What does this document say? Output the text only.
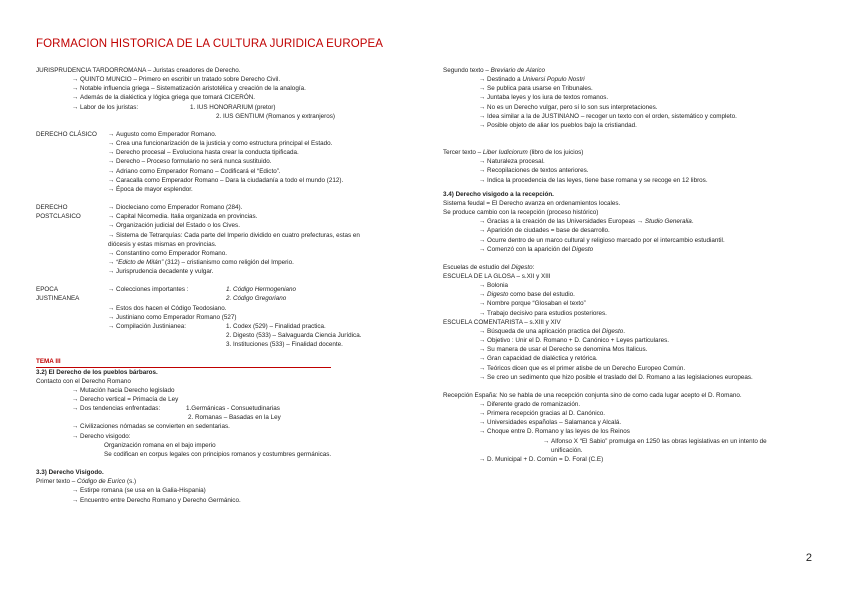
FORMACION HISTORICA DE LA CULTURA JURIDICA EUROPEA
JURISPRUDENCIA TARDORROMANA – Juristas creadores de Derecho.
→ QUINTO MUNCIO – Primero en escribir un tratado sobre Derecho Civil.
→ Notable influencia griega – Sistematización aristotélica y creación de la analogía.
→ Además de la dialéctica y lógica griega que tomará CICERÓN.
→ Labor de los juristas:	1. IUS HONORARIUM (pretor)
2. IUS GENTIUM (Romanos y extranjeros)
DERECHO CLÁSICO
→	Augusto como Emperador Romano.
→ Crea una funcionarización de la justicia y como estructura principal el Estado.
→ Derecho procesal – Evoluciona hasta crear la conducta tipificada.
→ Derecho – Proceso formulario no será nunca sustituido.
→ Adriano como Emperador Romano – Codificará el “Edicto”.
→ Caracalla como Emperador Romano – Dara la ciudadanía a todo el mundo (212).
→ Época de mayor esplendor.
DERECHO
POSTCLASICO
→ Diocleciano como Emperador Romano (284).
→ Capital Nicomedia. Italia organizada en provincias.
→ Organización judicial del Estado o los Cives.
→ Sistema de Tetrarquías: Cada parte del Imperio dividido en cuatro prefecturas, estas en
diócesis y estas mismas en provincias.
→ Constantino como Emperador Romano.
→ “Edicto de Milán” (312) – cristianismo como religión del Imperio.
→ Jurisprudencia decadente y vulgar.
EPOCA
JUSTINEANEA
→ Colecciones importantes :	1. Código Hermogeniano
2. Código Gregoriano
→ Estos dos hacen el Código Teodosiano.
→ Justiniano como Emperador Romano (527)
→ Compilación Justinianea:	1. Codex (529) – Finalidad practica.
2. Digesto (533) – Salvaguarda Ciencia Jurídica.
3. Instituciones (533) – Finalidad docente.
TEMA III
3.2) El Derecho de los pueblos bárbaros.
Contacto con el Derecho Romano
→ Mutación hacia Derecho legislado
→ Derecho vertical = Primacía de Ley
→ Dos tendencias enfrentadas:	1.Germánicas - Consuetudinarias
2. Romanas – Basadas en la Ley
→ Civilizaciones nómadas se convierten en sedentarias.
→ Derecho visigodo:
Organización romana en el bajo imperio
Se codifican en corpus legales con principios romanos y costumbres germánicas.
3.3) Derecho Visigodo.
Primer texto – Código de Eurico (s.)
→ Estirpe romana (se usa en la Galia-Hispania)
→ Encuentro entre Derecho Romano y Derecho Germánico.
Segundo texto – Breviario de Alarico
→ Destinado a Universi Populo Nostri
→ Se publica para usarse en Tribunales.
→ Juntaba leyes y los iura de textos romanos.
→ No es un Derecho vulgar, pero sí lo son sus interpretaciones.
→ Idea similar a la de JUSTINIANO – recoger un texto con el orden, sistemático y completo.
→ Posible objeto de aliar los pueblos bajo la cristiandad.
Tercer texto – Liber Iudiciorum (libro de los juicios)
→ Naturaleza procesal.
→ Recopilaciones de textos anteriores.
→ Indica la procedencia de las leyes, tiene base romana y se recoge en 12 libros.
3.4) Derecho visigodo a la recepción.
Sistema feudal = El Derecho avanza en ordenamientos locales.
Se produce cambio con la recepción (proceso histórico)
→ Gracias a la creación de las Universidades Europeas → Studio Generalia.
→ Aparición de ciudades = base de desarrollo.
→ Ocurre dentro de un marco cultural y religioso marcado por el intercambio estudiantil.
→ Comenzó con la aparición del Digesto
Escuelas de estudio del Digesto:
ESCUELA DE LA GLOSA – s.XII y XIII
→ Bolonia
→ Digesto como base del estudio.
→ Nombre porque “Glosaban el texto”
→ Trabajo decisivo para estudios posteriores.
ESCUELA COMENTARISTA – s.XIII y XIV
→ Búsqueda de una aplicación practica del Digesto.
→ Objetivo : Unir el D. Romano + D. Canónico + Leyes particulares.
→ Su manera de usar el Derecho se denomina Mos Italicus.
→ Gran capacidad de dialéctica y retórica.
→ Teóricos dicen que es el primer atisbe de un Derecho Europeo Común.
→ Se creo un sedimento que hizo posible el traslado del D. Romano a las legislaciones europeas.
Recepción España: No se habla de una recepción conjunta sino de como cada lugar acepto el D. Romano.
→ Diferente grado de romanización.
→ Primera recepción gracias al D. Canónico.
→ Universidades españolas – Salamanca y Alcalá.
→ Choque entre D. Romano y las leyes de los Reinos
→ Alfonso X “El Sabio” promulga en 1250 las obras legislativas en un intento de
unificación.
→ D. Municipal + D. Común = D. Foral (C.E)
2
